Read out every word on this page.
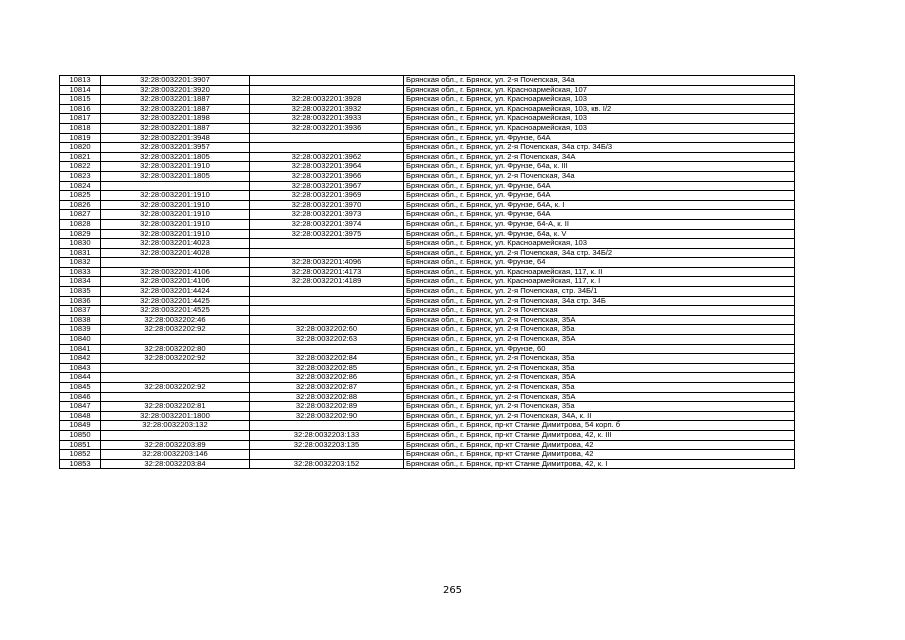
10813	32:28:0032201:3907		Брянская обл., г. Брянск, ул. 2-я Почепская, 34а
10814	32:28:0032201:3920		Брянская обл., г. Брянск, ул. Красноармейская, 107
10815	32:28:0032201:1887	32:28:0032201:3928	Брянская обл., г. Брянск, ул. Красноармейская, 103
10816	32:28:0032201:1887	32:28:0032201:3932	Брянская обл., г. Брянск, ул. Красноармейская, 103, кв. I/2
10817	32:28:0032201:1898	32:28:0032201:3933	Брянская обл., г. Брянск, ул. Красноармейская, 103
10818	32:28:0032201:1887	32:28:0032201:3936	Брянская обл., г. Брянск, ул. Красноармейская, 103
10819	32:28:0032201:3948		Брянская обл., г. Брянск, ул. Фрунзе, 64А
10820	32:28:0032201:3957		Брянская обл., г. Брянск, ул. 2-я Почепская, 34а стр. 34Б/3
10821	32:28:0032201:1805	32:28:0032201:3962	Брянская обл., г. Брянск, ул. 2-я Почепская, 34А
10822	32:28:0032201:1910	32:28:0032201:3964	Брянская обл., г. Брянск, ул. Фрунзе, 64а, к. III
10823	32:28:0032201:1805	32:28:0032201:3966	Брянская обл., г. Брянск, ул. 2-я Почепская, 34а
10824		32:28:0032201:3967	Брянская обл., г. Брянск, ул. Фрунзе, 64А
10825	32:28:0032201:1910	32:28:0032201:3969	Брянская обл., г. Брянск, ул. Фрунзе, 64А
10826	32:28:0032201:1910	32:28:0032201:3970	Брянская обл., г. Брянск, ул. Фрунзе, 64А, к. I
10827	32:28:0032201:1910	32:28:0032201:3973	Брянская обл., г. Брянск, ул. Фрунзе, 64А
10828	32:28:0032201:1910	32:28:0032201:3974	Брянская обл., г. Брянск, ул. Фрунзе, 64-А, к. II
10829	32:28:0032201:1910	32:28:0032201:3975	Брянская обл., г. Брянск, ул. Фрунзе, 64а, к. V
10830	32:28:0032201:4023		Брянская обл., г. Брянск, ул. Красноармейская, 103
10831	32:28:0032201:4028		Брянская обл., г. Брянск, ул. 2-я Почепская, 34а стр. 34Б/2
10832		32:28:0032201:4096	Брянская обл., г. Брянск, ул. Фрунзе, 64
10833	32:28:0032201:4106	32:28:0032201:4173	Брянская обл., г. Брянск, ул. Красноармейская, 117, к. II
10834	32:28:0032201:4106	32:28:0032201:4189	Брянская обл., г. Брянск, ул. Красноармейская, 117, к. I
10835	32:28:0032201:4424		Брянская обл., г. Брянск, ул. 2-я Почепская, стр. 34Б/1
10836	32:28:0032201:4425		Брянская обл., г. Брянск, ул. 2-я Почепская, 34а стр. 34Б
10837	32:28:0032201:4525		Брянская обл., г. Брянск, ул. 2-я Почепская
10838	32:28:0032202:46		Брянская обл., г. Брянск, ул. 2-я Почепская, 35А
10839	32:28:0032202:92	32:28:0032202:60	Брянская обл., г. Брянск, ул. 2-я Почепская, 35а
10840		32:28:0032202:63	Брянская обл., г. Брянск, ул. 2-я Почепская, 35А
10841	32:28:0032202:80		Брянская обл., г. Брянск, ул. Фрунзе, 60
10842	32:28:0032202:92	32:28:0032202:84	Брянская обл., г. Брянск, ул. 2-я Почепская, 35а
10843		32:28:0032202:85	Брянская обл., г. Брянск, ул. 2-я Почепская, 35а
10844		32:28:0032202:86	Брянская обл., г. Брянск, ул. 2-я Почепская, 35А
10845	32:28:0032202:92	32:28:0032202:87	Брянская обл., г. Брянск, ул. 2-я Почепская, 35а
10846		32:28:0032202:88	Брянская обл., г. Брянск, ул. 2-я Почепская, 35А
10847	32:28:0032202:81	32:28:0032202:89	Брянская обл., г. Брянск, ул. 2-я Почепская, 35а
10848	32:28:0032201:1800	32:28:0032202:90	Брянская обл., г. Брянск, ул. 2-я Почепская, 34А, к. II
10849	32:28:0032203:132		Брянская обл., г. Брянск, пр-кт Станке Димитрова, 54 корп. б
10850		32:28:0032203:133	Брянская обл., г. Брянск, пр-кт Станке Димитрова, 42, к. III
10851	32:28:0032203:89	32:28:0032203:135	Брянская обл., г. Брянск, пр-кт Станке Димитрова, 42
10852	32:28:0032203:146		Брянская обл., г. Брянск, пр-кт Станке Димитрова, 42
10853	32:28:0032203:84	32:28:0032203:152	Брянская обл., г. Брянск, пр-кт Станке Димитрова, 42, к. I
265
